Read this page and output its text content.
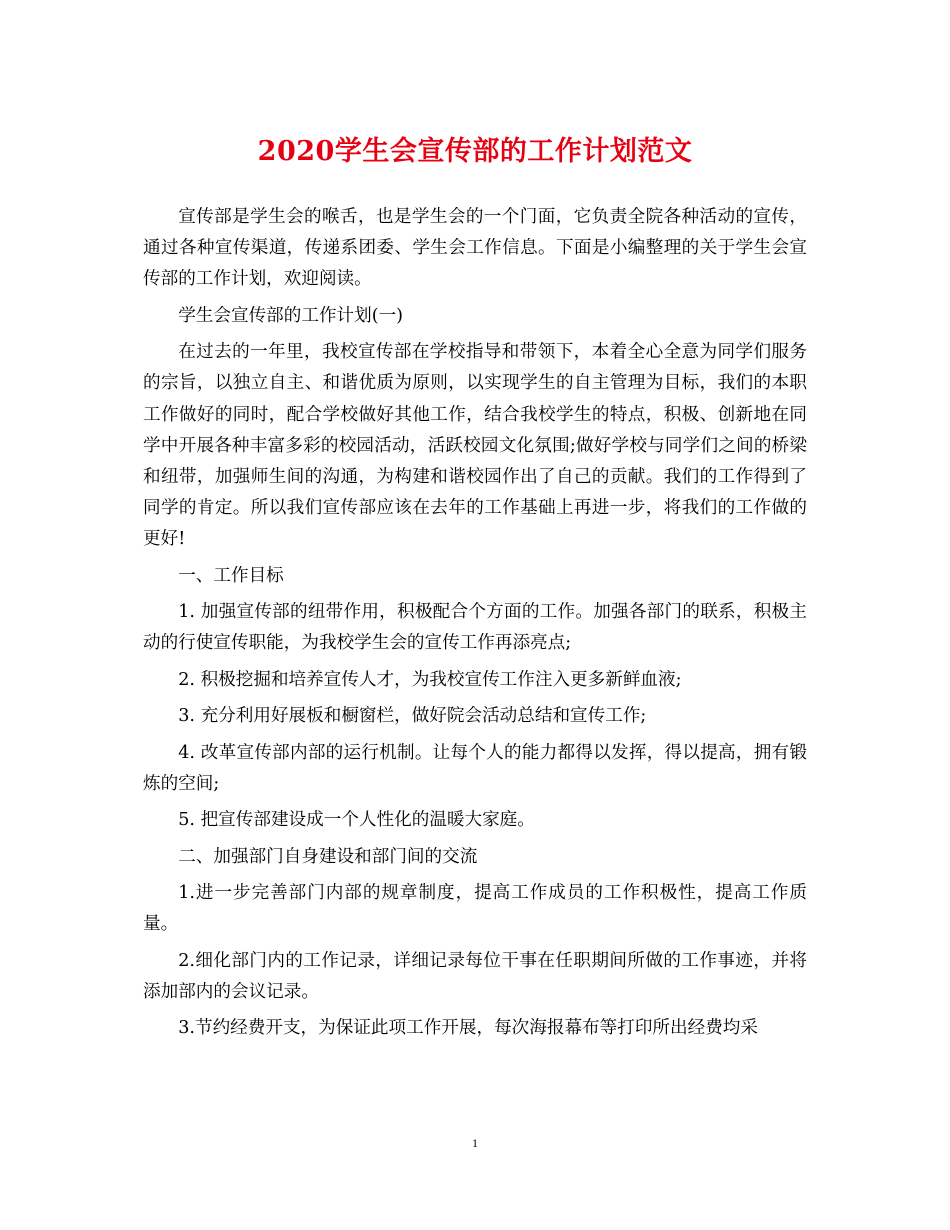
2020学生会宣传部的工作计划范文

宣传部是学生会的喉舌，也是学生会的一个门面，它负责全院各种活动的宣传，通过各种宣传渠道，传递系团委、学生会工作信息。下面是小编整理的关于学生会宣传部的工作计划，欢迎阅读。

学生会宣传部的工作计划(一)

在过去的一年里，我校宣传部在学校指导和带领下，本着全心全意为同学们服务的宗旨，以独立自主、和谐优质为原则，以实现学生的自主管理为目标，我们的本职工作做好的同时，配合学校做好其他工作，结合我校学生的特点，积极、创新地在同学中开展各种丰富多彩的校园活动，活跃校园文化氛围;做好学校与同学们之间的桥梁和纽带，加强师生间的沟通，为构建和谐校园作出了自己的贡献。我们的工作得到了同学的肯定。所以我们宣传部应该在去年的工作基础上再进一步，将我们的工作做的更好!

一、工作目标

1. 加强宣传部的纽带作用，积极配合个方面的工作。加强各部门的联系，积极主动的行使宣传职能，为我校学生会的宣传工作再添亮点;

2. 积极挖掘和培养宣传人才，为我校宣传工作注入更多新鲜血液;

3. 充分利用好展板和橱窗栏，做好院会活动总结和宣传工作;

4. 改革宣传部内部的运行机制。让每个人的能力都得以发挥，得以提高，拥有锻炼的空间;

5. 把宣传部建设成一个人性化的温暖大家庭。

二、加强部门自身建设和部门间的交流

1.进一步完善部门内部的规章制度，提高工作成员的工作积极性，提高工作质量。

2.细化部门内的工作记录，详细记录每位干事在任职期间所做的工作事迹，并将添加部内的会议记录。

3.节约经费开支，为保证此项工作开展，每次海报幕布等打印所出经费均采

1
